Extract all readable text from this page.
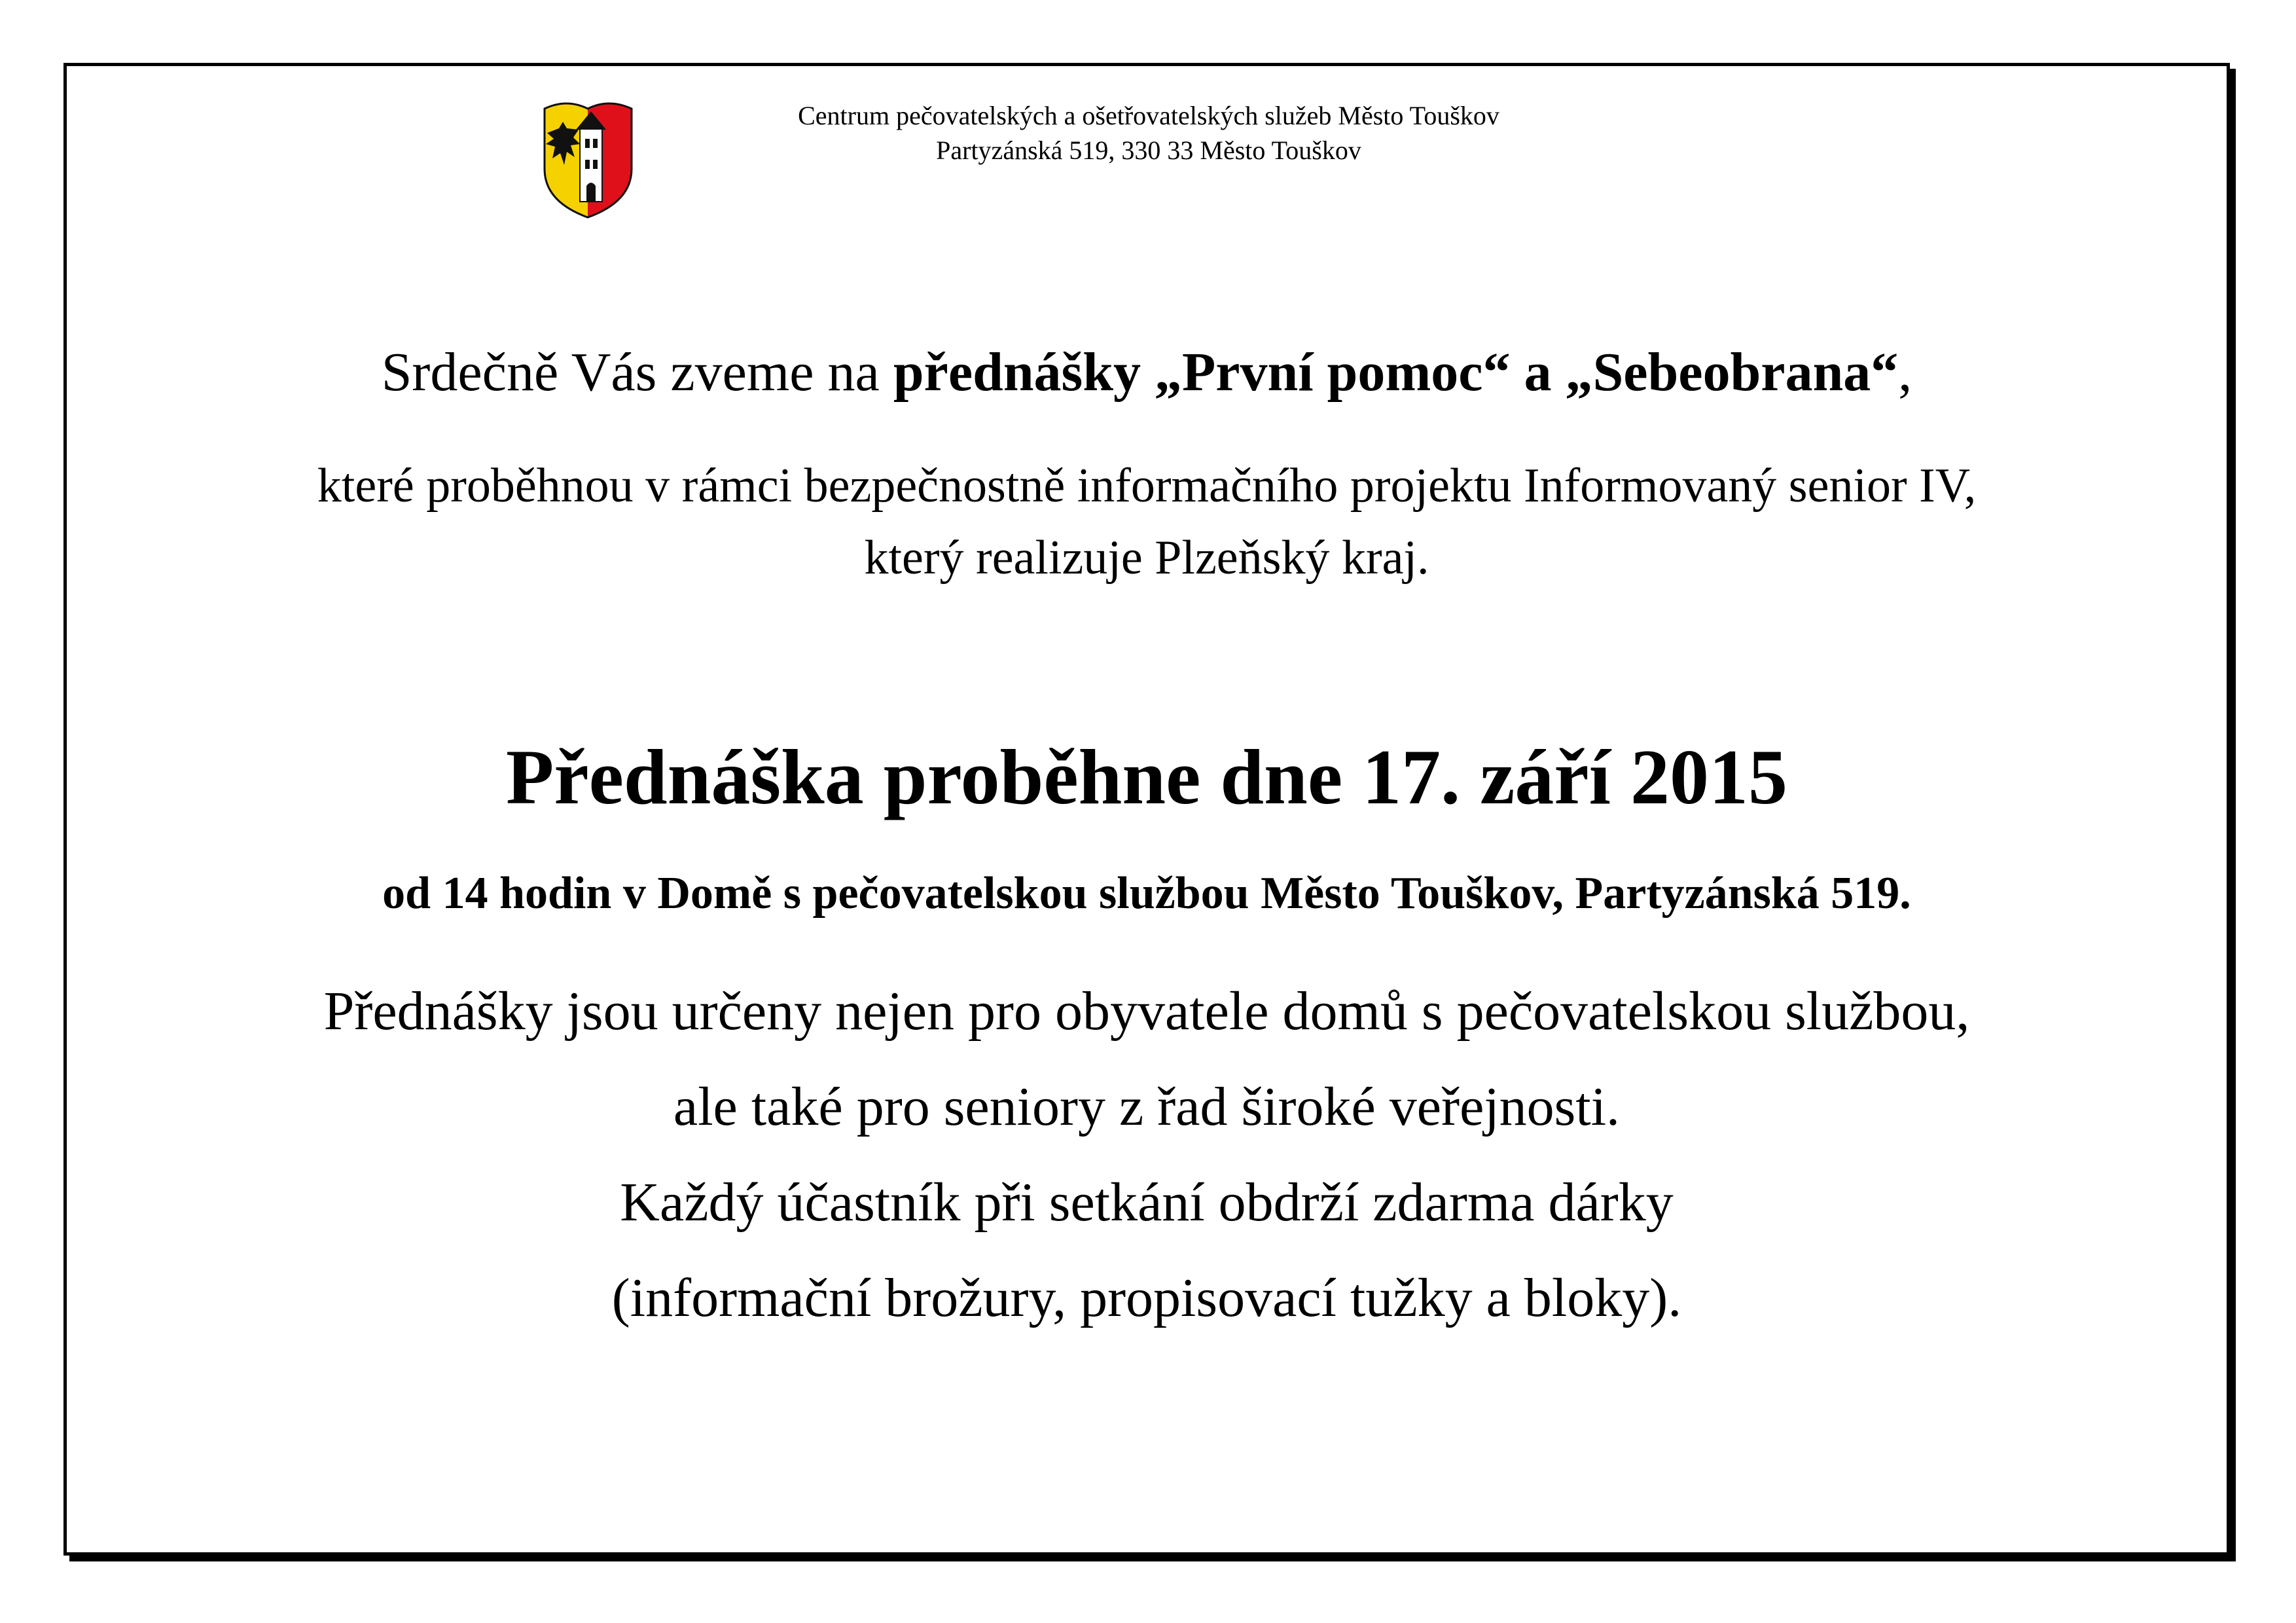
Centrum pečovatelských a ošetřovatelských služeb Město Touškov
Partyzánská 519, 330 33 Město Touškov
Srdečně Vás zveme na přednášky „První pomoc“ a „Sebeobrana“,
které proběhnou v rámci bezpečnostně informačního projektu Informovaný senior IV,
který realizuje Plzeňský kraj.
Přednáška proběhne dne 17. září 2015
od 14 hodin v Domě s pečovatelskou službou Město Touškov, Partyzánská 519.
Přednášky jsou určeny nejen pro obyvatele domů s pečovatelskou službou,
ale také pro seniory z řad široké veřejnosti.
Každý účastník při setkání obdrží zdarma dárky
(informační brožury, propisovací tužky a bloky).
